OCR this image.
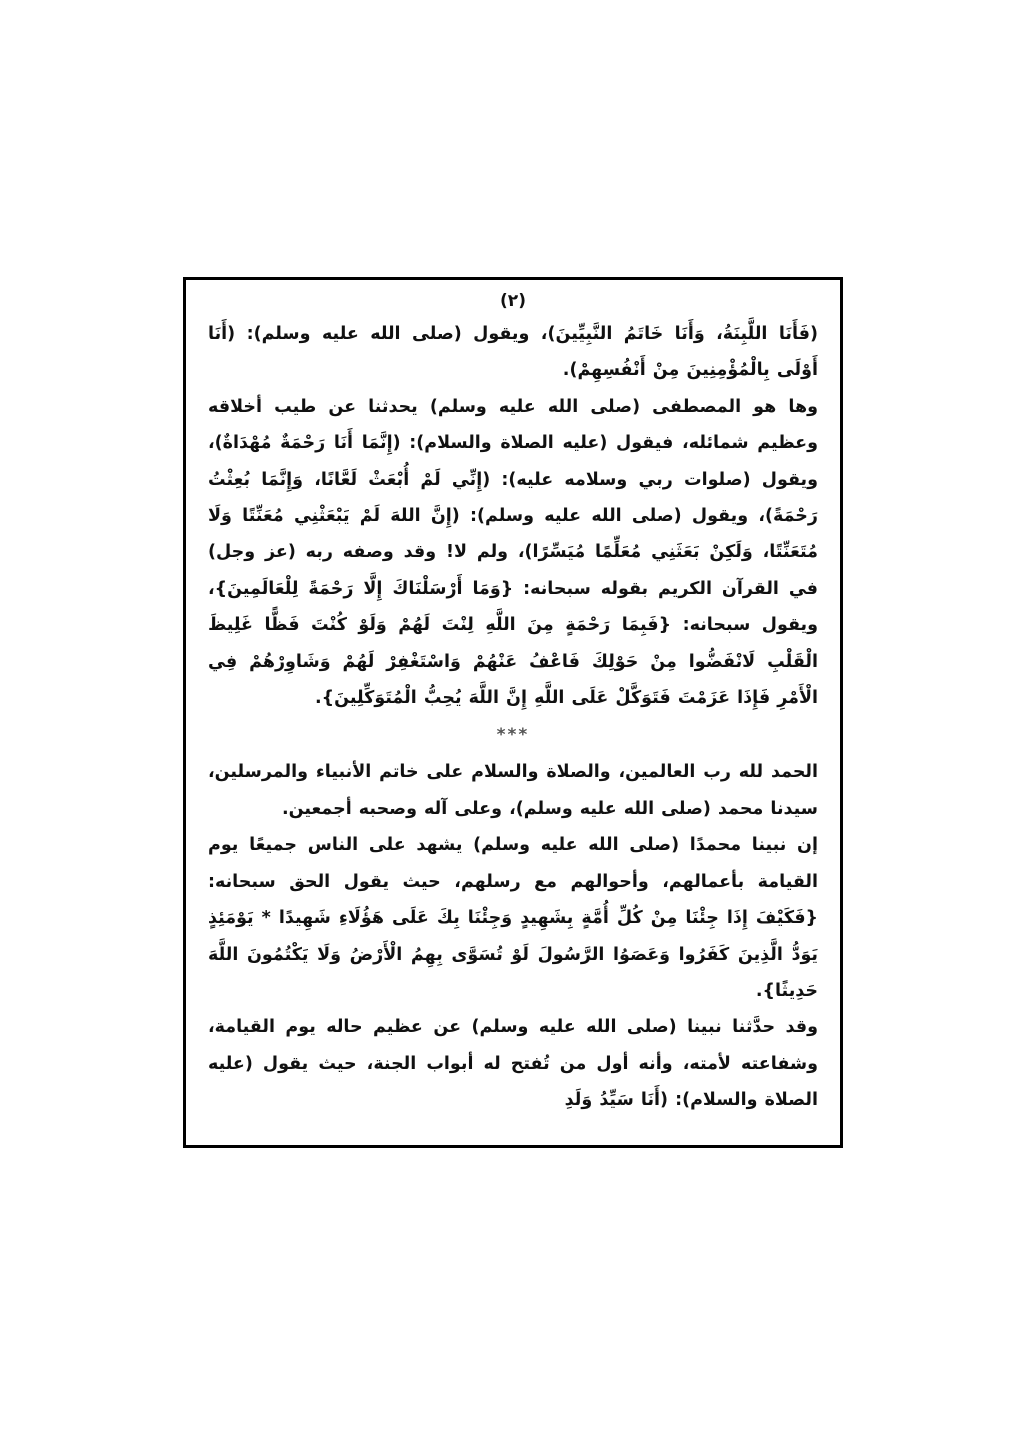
(٢)

(فَأَنَا اللَّبِنَةُ، وَأَنَا خَاتَمُ النَّبِيِّينَ)، ويقول (صلى الله عليه وسلم): (أَنَا أَوْلَى بِالْمُؤْمِنِينَ مِنْ أَنْفُسِهِمْ).

وها هو المصطفى (صلى الله عليه وسلم) يحدثنا عن طيب أخلاقه وعظيم شمائله، فيقول (عليه الصلاة والسلام): (إِنَّمَا أَنَا رَحْمَةٌ مُهْدَاةٌ)، ويقول (صلوات ربي وسلامه عليه): (إِنِّي لَمْ أُبْعَثْ لَعَّانًا، وَإِنَّمَا بُعِثْتُ رَحْمَةً)، ويقول (صلى الله عليه وسلم): (إِنَّ اللهَ لَمْ يَبْعَثْنِي مُعَنِّتًا وَلَا مُتَعَنِّتًا، وَلَكِنْ بَعَثَنِي مُعَلِّمًا مُيَسِّرًا)، ولم لا! وقد وصفه ربه (عز وجل) في القرآن الكريم بقوله سبحانه: {وَمَا أَرْسَلْنَاكَ إِلَّا رَحْمَةً لِلْعَالَمِينَ}، ويقول سبحانه: {فَبِمَا رَحْمَةٍ مِنَ اللَّهِ لِنْتَ لَهُمْ وَلَوْ كُنْتَ فَظًّا غَلِيظَ الْقَلْبِ لَانْفَضُّوا مِنْ حَوْلِكَ فَاعْفُ عَنْهُمْ وَاسْتَغْفِرْ لَهُمْ وَشَاوِرْهُمْ فِي الْأَمْرِ فَإِذَا عَزَمْتَ فَتَوَكَّلْ عَلَى اللَّهِ إِنَّ اللَّهَ يُحِبُّ الْمُتَوَكِّلِينَ}.

***

الحمد لله رب العالمين، والصلاة والسلام على خاتم الأنبياء والمرسلين، سيدنا محمد (صلى الله عليه وسلم)، وعلى آله وصحبه أجمعين.

إن نبينا محمدًا (صلى الله عليه وسلم) يشهد على الناس جميعًا يوم القيامة بأعمالهم، وأحوالهم مع رسلهم، حيث يقول الحق سبحانه: {فَكَيْفَ إِذَا جِئْنَا مِنْ كُلِّ أُمَّةٍ بِشَهِيدٍ وَجِئْنَا بِكَ عَلَى هَؤُلَاءِ شَهِيدًا * يَوْمَئِذٍ يَوَدُّ الَّذِينَ كَفَرُوا وَعَصَوُا الرَّسُولَ لَوْ تُسَوَّى بِهِمُ الْأَرْضُ وَلَا يَكْتُمُونَ اللَّهَ حَدِيثًا}.

وقد حدَّثنا نبينا (صلى الله عليه وسلم) عن عظيم حاله يوم القيامة، وشفاعته لأمته، وأنه أول من تُفتح له أبواب الجنة، حيث يقول (عليه الصلاة والسلام): (أَنَا سَيِّدُ وَلَدِ
